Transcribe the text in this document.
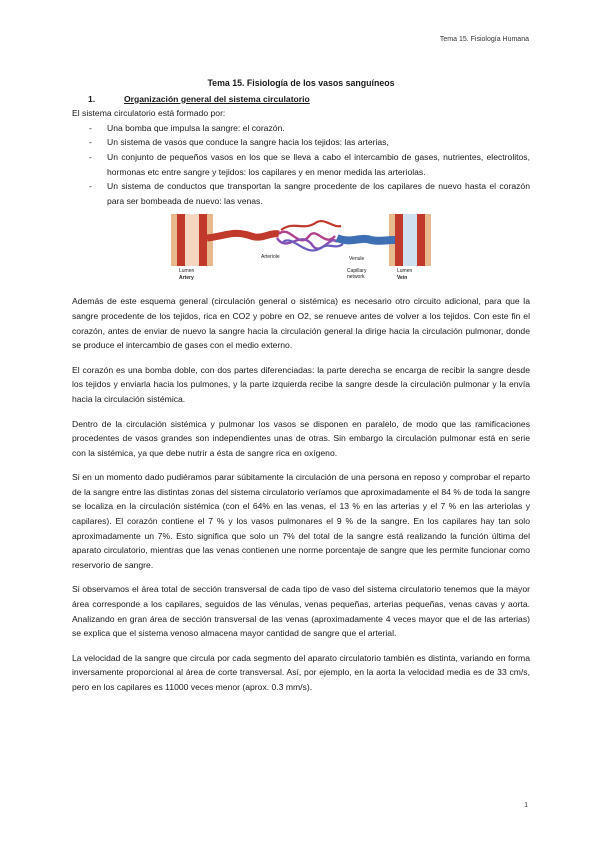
Tema 15. Fisiología Humana
Tema 15. Fisiología de los vasos sanguíneos
1.	Organización general del sistema circulatorio

El sistema circulatorio está formado por:

- Una bomba que impulsa la sangre: el corazón.
- Un sistema de vasos que conduce la sangre hacia los tejidos: las arterias,
- Un conjunto de pequeños vasos en los que se lleva a cabo el intercambio de gases, nutrientes, electrolitos, hormonas etc entre sangre y tejidos: los capilares y en menor medida las arteriolas.
- Un sistema de conductos que transportan la sangre procedente de los capilares de nuevo hasta el corazón para ser bombeada de nuevo: las venas.
Lumen
Artery
Arteriole	Venule
Capillary
network
Lumen
Vein

Además de este esquema general (circulación general o sistémica) es necesario otro circuito adicional, para que la sangre procedente de los tejidos, rica en CO2 y pobre en O2, se renueve antes de volver a los tejidos. Con este fin el corazón, antes de enviar de nuevo la sangre hacia la circulación general la dirige hacia la circulación pulmonar, donde se produce el intercambio de gases con el medio externo.

El corazón es una bomba doble, con dos partes diferenciadas: la parte derecha se encarga de recibir la sangre desde los tejidos y enviarla hacia los pulmones, y la parte izquierda recibe la sangre desde la circulación pulmonar y la envía hacia la circulación sistémica.

Dentro de la circulación sistémica y pulmonar los vasos se disponen en paralelo, de modo que las ramificaciones procedentes de vasos grandes son independientes unas de otras. Sin embargo la circulación pulmonar está en serie con la sistémica, ya que debe nutrir a ésta de sangre rica en oxígeno.

Si en un momento dado pudiéramos parar súbitamente la circulación de una persona en reposo y comprobar el reparto de la sangre entre las distintas zonas del sistema circulatorio veríamos que aproximadamente el 84 % de toda la sangre se localiza en la circulación sistémica (con el 64% en las venas, el 13 % en las arterias y el 7 % en las arteriolas y capilares). El corazón contiene el 7 % y los vasos pulmonares el 9 % de la sangre. En los capilares hay tan solo aproximadamente un 7%. Esto significa que solo un 7% del total de la sangre está realizando la función última del aparato circulatorio, mientras que las venas contienen une norme porcentaje de sangre que les permite funcionar como reservorio de sangre.

Si observamos el área total de sección transversal de cada tipo de vaso del sistema circulatorio tenemos que la mayor área corresponde a los capilares, seguidos de las vénulas, venas pequeñas, arterias pequeñas, venas cavas y aorta. Analizando en gran área de sección transversal de las venas (aproximadamente 4 veces mayor que el de las arterias) se explica que el sistema venoso almacena mayor cantidad de sangre que el arterial.

La velocidad de la sangre que circula por cada segmento del aparato circulatorio también es distinta, variando en forma inversamente proporcional al área de corte transversal. Así, por ejemplo, en la aorta la velocidad media es de 33 cm/s, pero en los capilares es 11000 veces menor (aprox. 0.3 mm/s).

1
